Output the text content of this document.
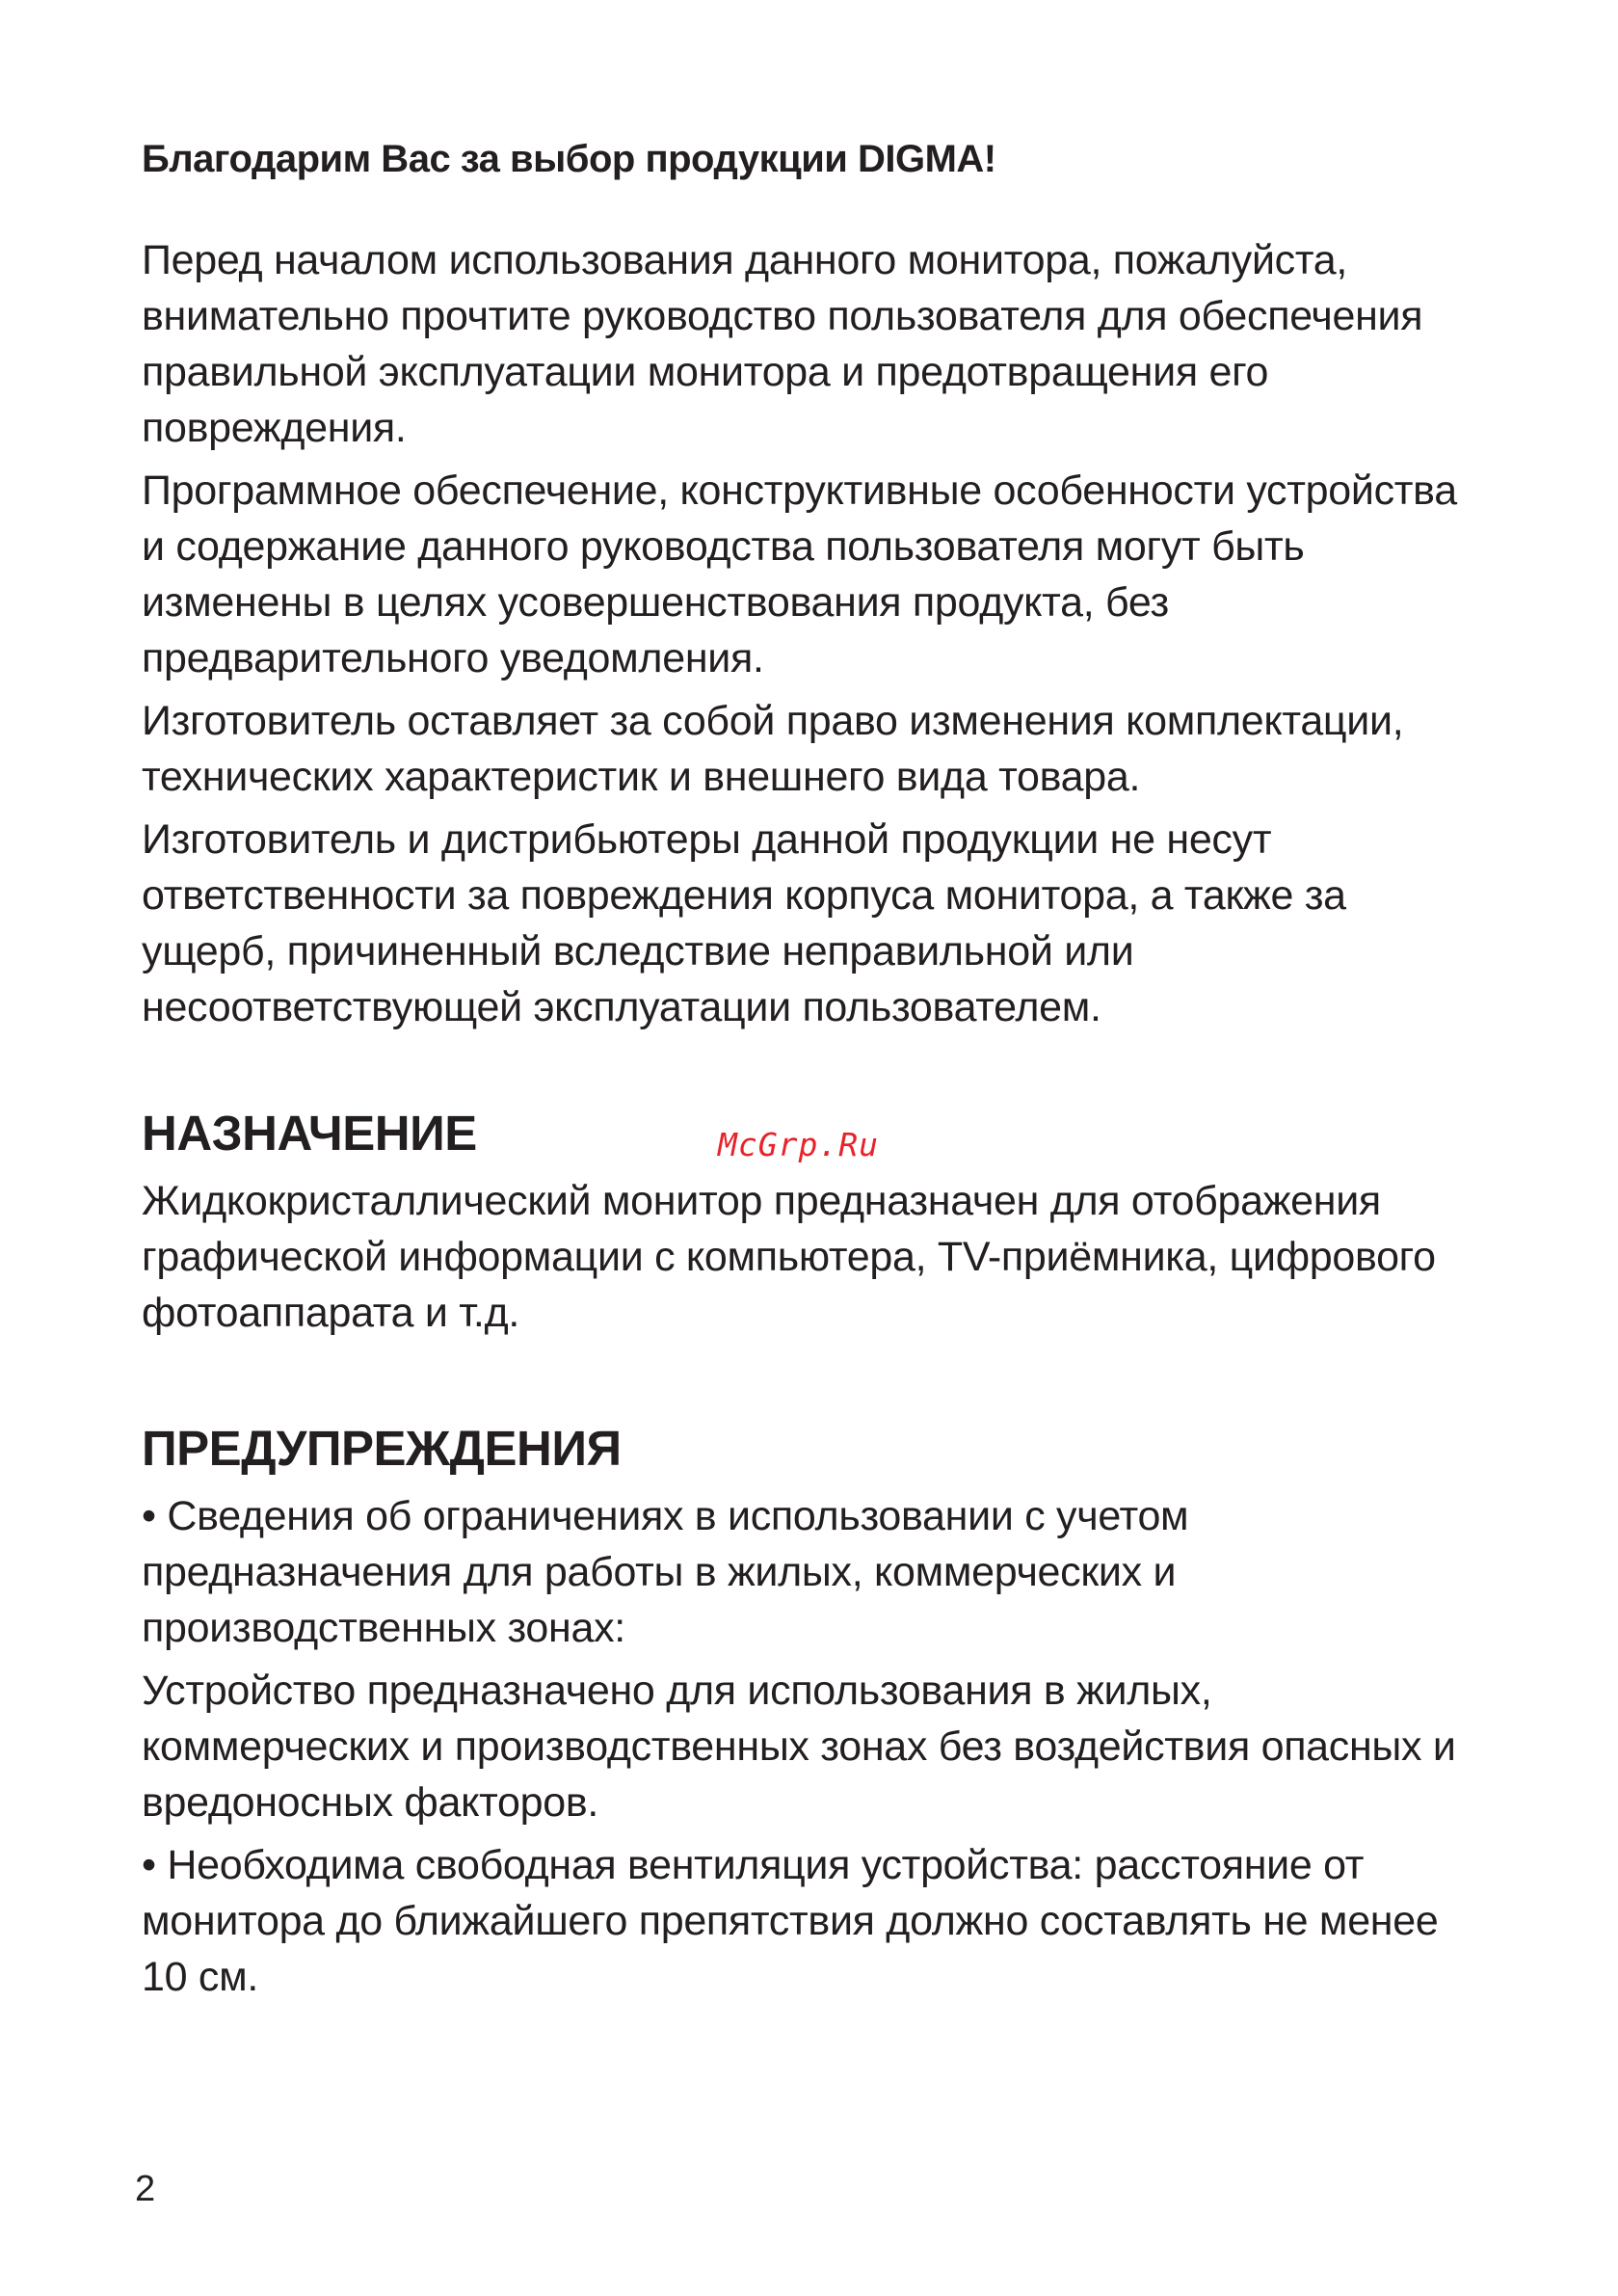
Благодарим Вас за выбор продукции DIGMA!

Перед началом использования данного монитора, пожалуйста, внимательно прочтите руководство пользователя для обеспечения правильной эксплуатации монитора и предотвращения его повреждения.

Программное обеспечение, конструктивные особенности устройства и содержание данного руководства пользователя могут быть изменены в целях усовершенствования продукта, без предварительного уведомления.

Изготовитель оставляет за собой право изменения комплектации, технических характеристик и внешнего вида товара.

Изготовитель и дистрибьютеры данной продукции не несут ответственности за повреждения корпуса монитора, а также за ущерб, причиненный вследствие неправильной или несоответствующей эксплуатации пользователем.

НАЗНАЧЕНИЕ

Жидкокристаллический монитор предназначен для отображения графической информации с компьютера, TV-приёмника, цифрового фотоаппарата и т.д.

ПРЕДУПРЕЖДЕНИЯ

• Сведения об ограничениях в использовании с учетом предназначения для работы в жилых, коммерческих и производственных зонах:

Устройство предназначено для использования в жилых, коммерческих и производственных зонах без воздействия опасных и вредоносных факторов.

• Необходима свободная вентиляция устройства: расстояние от монитора до ближайшего препятствия должно составлять не менее 10 см.

McGrp.Ru
2
